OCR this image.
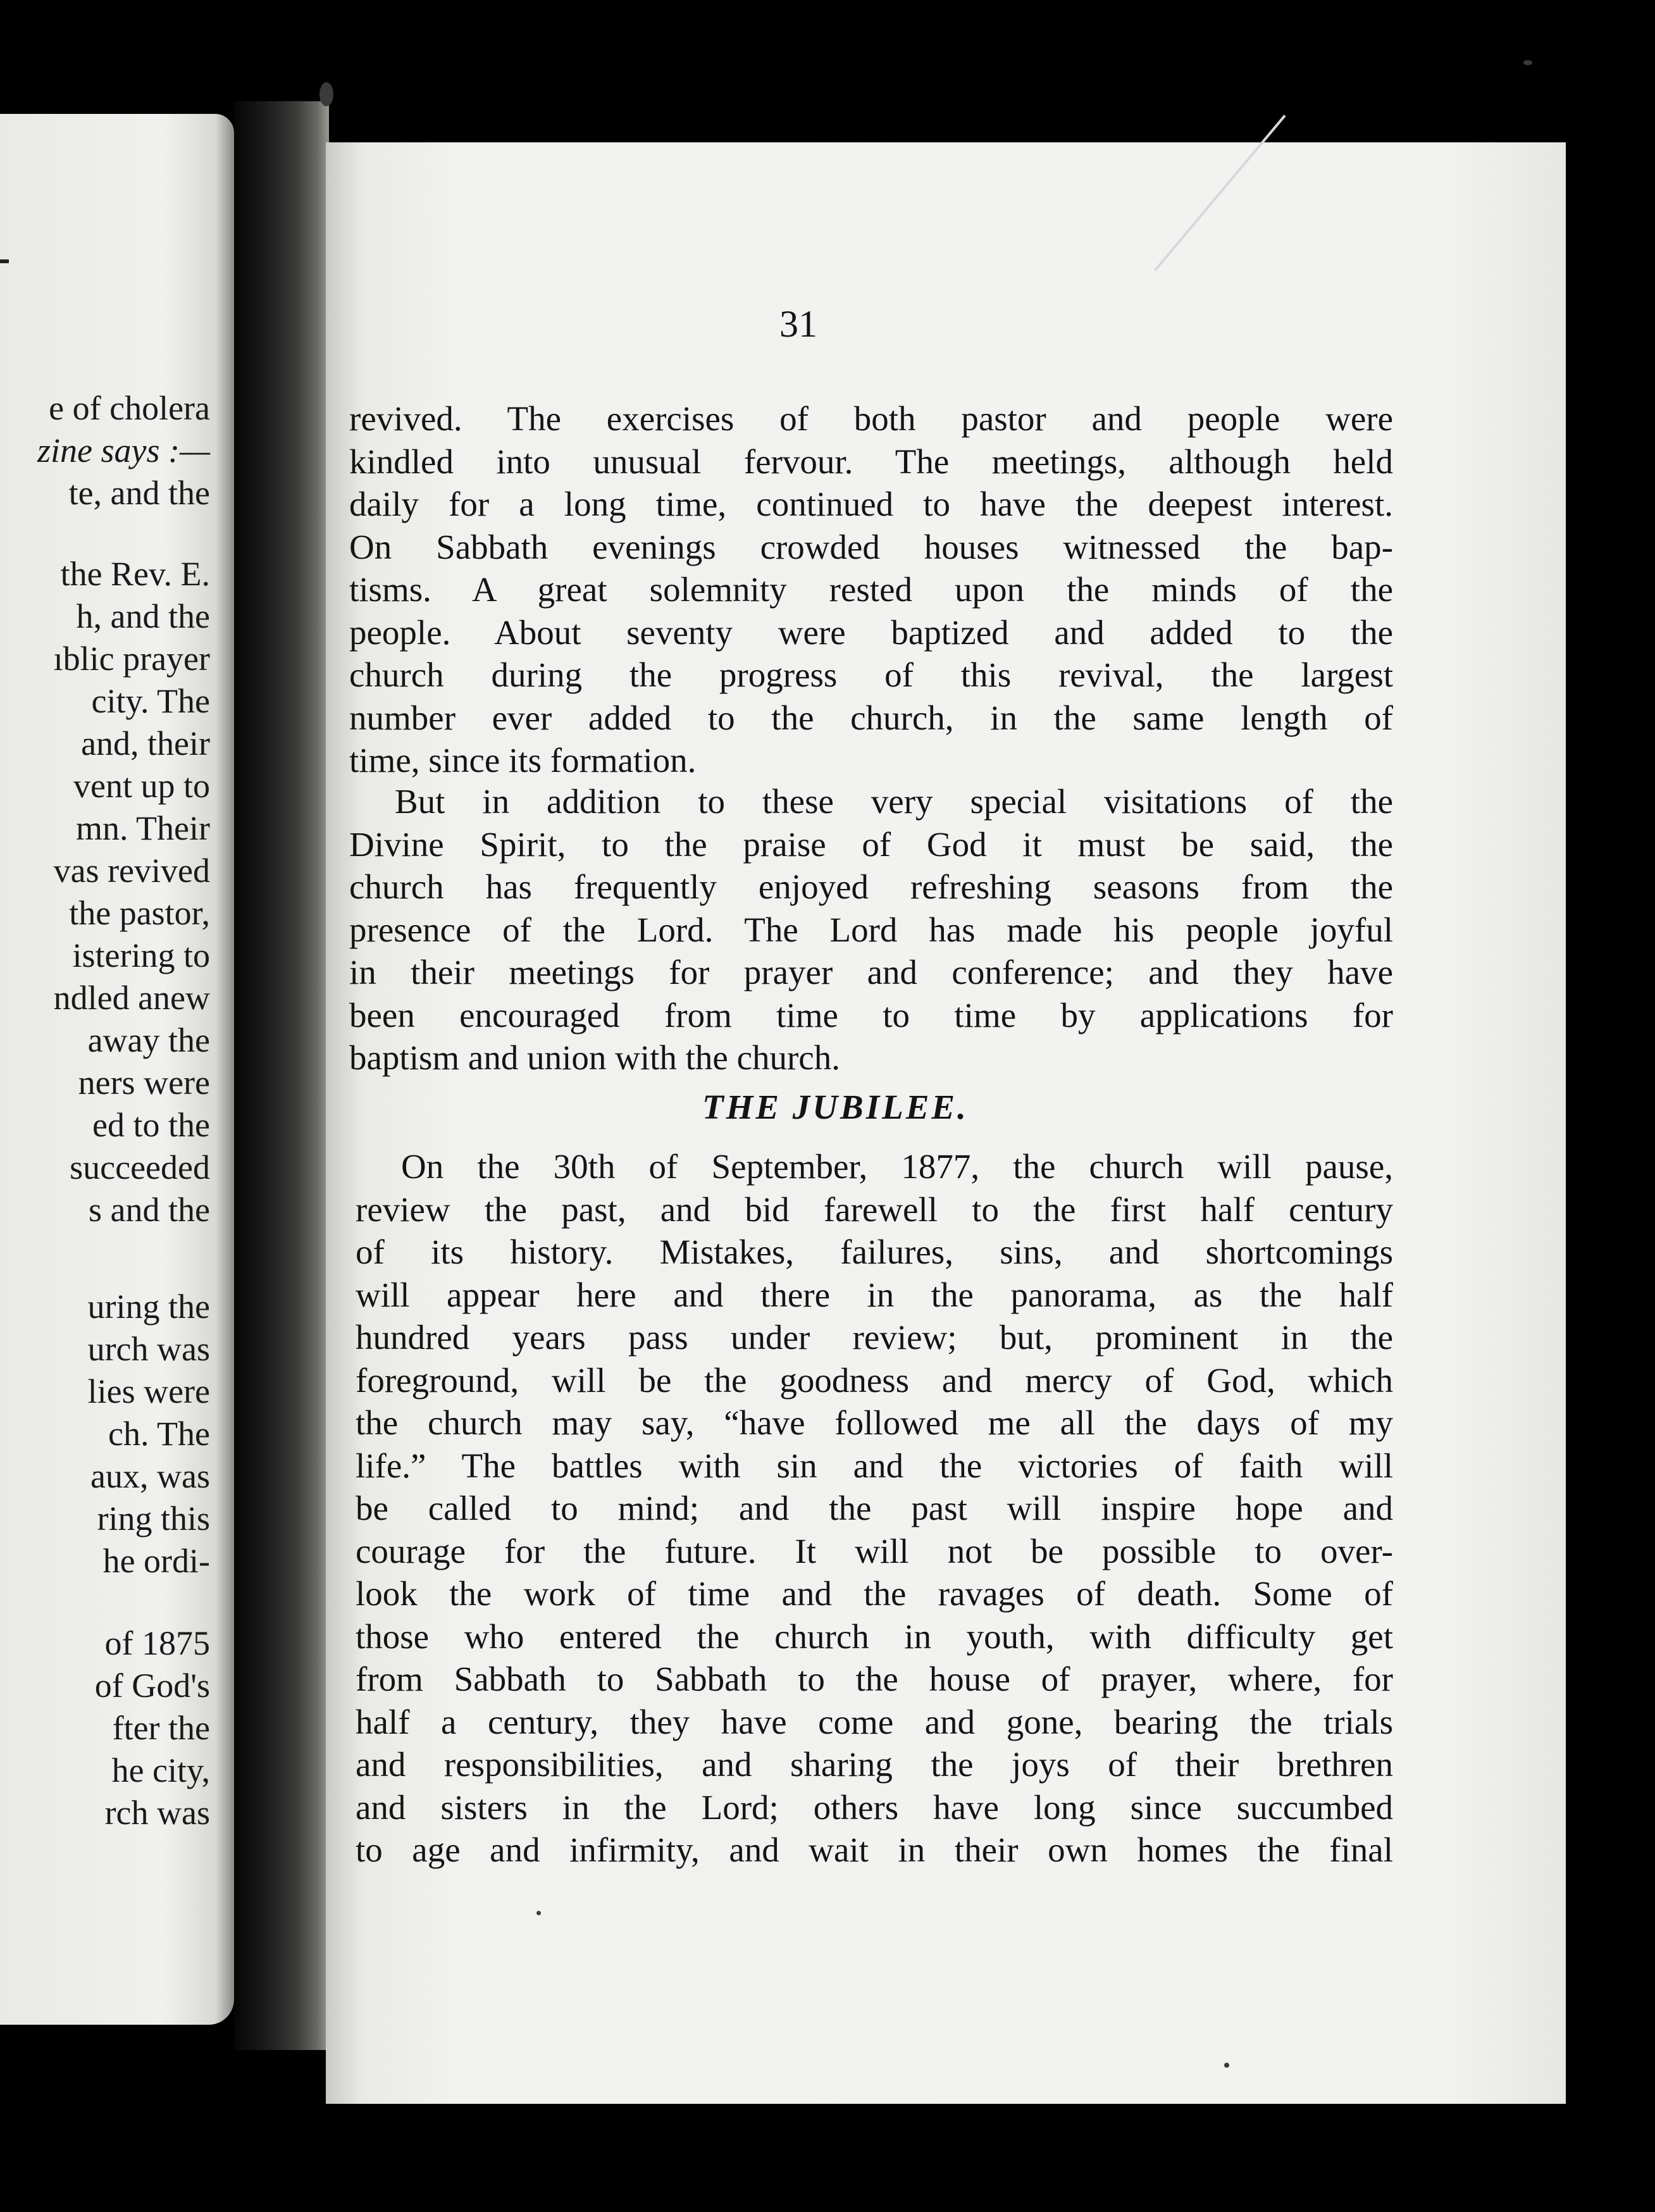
e of cholera
zine says :—
te, and the
the Rev. E.
h, and the
ıblic prayer
city. The
and, their
vent up to
mn. Their
vas revived
the pastor,
istering to
ndled anew
away the
ners were
ed to the
succeeded
s and the
uring the
urch was
lies were
ch. The
aux, was
ring this
he ordi-
of 1875
of God's
fter the
he city,
rch was
31
revived. The exercises of both pastor and people were
kindled into unusual fervour. The meetings, although held
daily for a long time, continued to have the deepest interest.
On Sabbath evenings crowded houses witnessed the bap-
tisms. A great solemnity rested upon the minds of the
people. About seventy were baptized and added to the
church during the progress of this revival, the largest
number ever added to the church, in the same length of
time, since its formation.
But in addition to these very special visitations of the
Divine Spirit, to the praise of God it must be said, the
church has frequently enjoyed refreshing seasons from the
presence of the Lord. The Lord has made his people joyful
in their meetings for prayer and conference; and they have
been encouraged from time to time by applications for
baptism and union with the church.
THE JUBILEE.
On the 30th of September, 1877, the church will pause,
review the past, and bid farewell to the first half century
of its history. Mistakes, failures, sins, and shortcomings
will appear here and there in the panorama, as the half
hundred years pass under review; but, prominent in the
foreground, will be the goodness and mercy of God, which
the church may say, “have followed me all the days of my
life.” The battles with sin and the victories of faith will
be called to mind; and the past will inspire hope and
courage for the future. It will not be possible to over-
look the work of time and the ravages of death. Some of
those who entered the church in youth, with difficulty get
from Sabbath to Sabbath to the house of prayer, where, for
half a century, they have come and gone, bearing the trials
and responsibilities, and sharing the joys of their brethren
and sisters in the Lord; others have long since succumbed
to age and infirmity, and wait in their own homes the final
